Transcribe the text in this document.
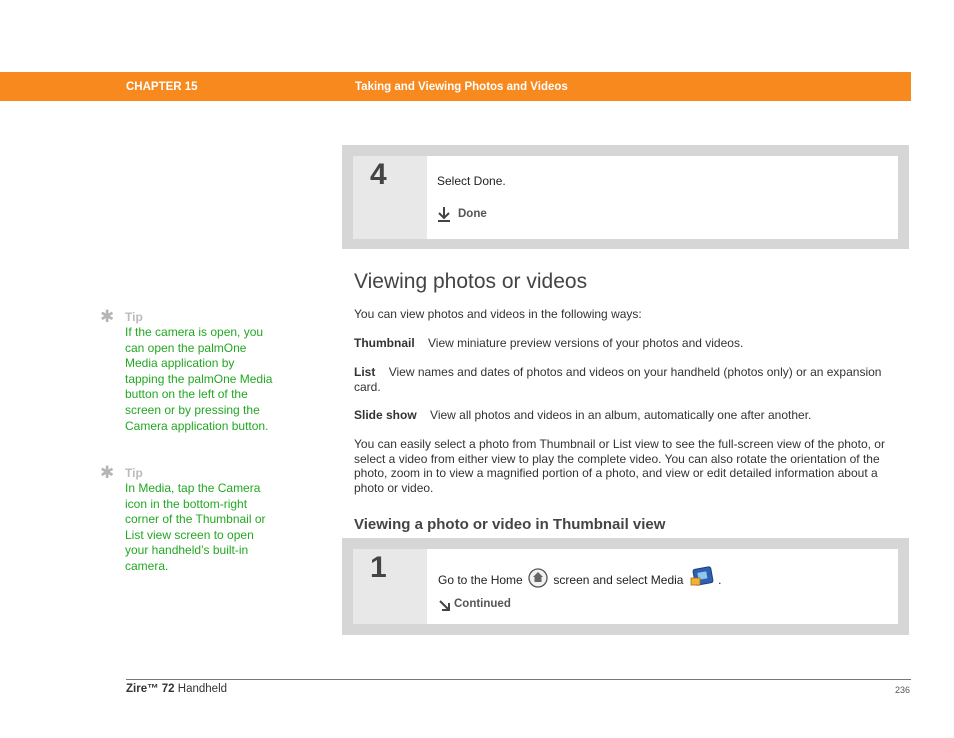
CHAPTER 15	Taking and Viewing Photos and Videos
4	Select Done.
Done
Viewing photos or videos
You can view photos and videos in the following ways:
Thumbnail View miniature preview versions of your photos and videos.
List View names and dates of photos and videos on your handheld (photos only) or an expansion card.
Slide show View all photos and videos in an album, automatically one after another.
You can easily select a photo from Thumbnail or List view to see the full-screen view of the photo, or select a video from either view to play the complete video. You can also rotate the orientation of the photo, zoom in to view a magnified portion of a photo, and view or edit detailed information about a photo or video.
Viewing a photo or video in Thumbnail view
1	Go to the Home	screen and select Media	.
Continued
✱ Tip
If the camera is open, you can open the palmOne Media application by tapping the palmOne Media button on the left of the screen or by pressing the Camera application button.
✱ Tip
In Media, tap the Camera icon in the bottom-right corner of the Thumbnail or List view screen to open your handheld’s built-in camera.
Zire™ 72 Handheld	236
